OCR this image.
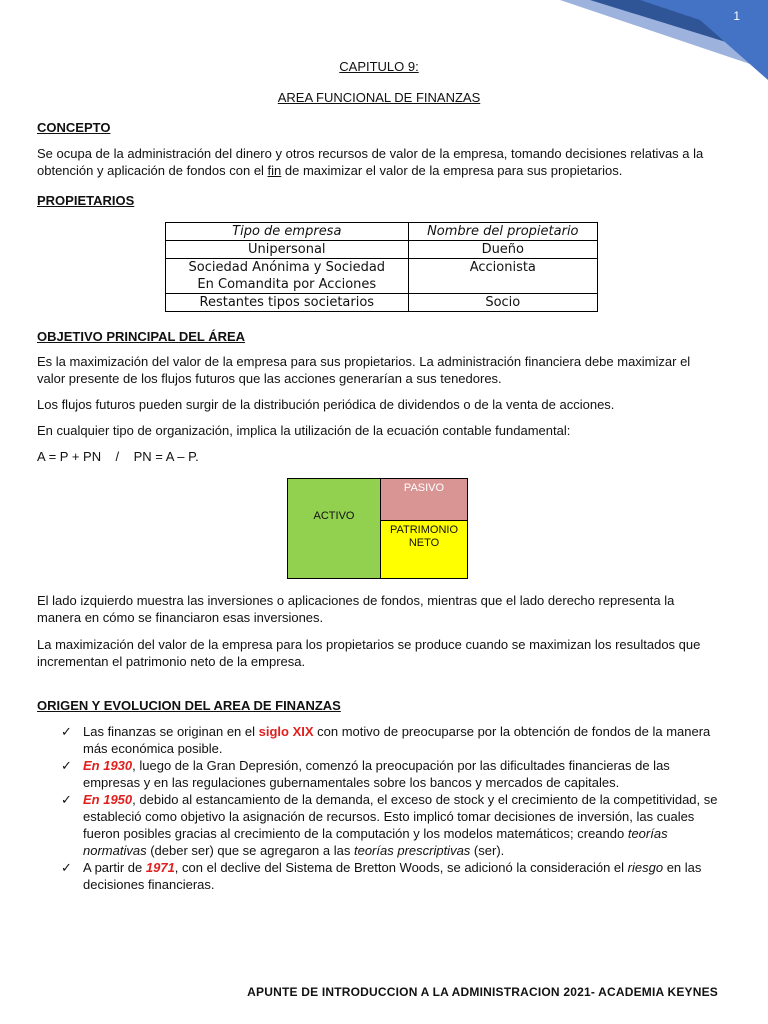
1

CAPITULO 9:

AREA FUNCIONAL DE FINANZAS

CONCEPTO

Se ocupa de la administración del dinero y otros recursos de valor de la empresa, tomando decisiones relativas a la obtención y aplicación de fondos con el fin de maximizar el valor de la empresa para sus propietarios.

PROPIETARIOS

Tipo de empresa	Nombre del propietario
Unipersonal	Dueño

Sociedad Anónima y Sociedad
En Comandita por Acciones	Accionista
Restantes tipos societarios	Socio

OBJETIVO PRINCIPAL DEL ÁREA

Es la maximización del valor de la empresa para sus propietarios. La administración financiera debe maximizar el valor presente de los flujos futuros que las acciones generarían a sus tenedores.

Los flujos futuros pueden surgir de la distribución periódica de dividendos o de la venta de acciones.

En cualquier tipo de organización, implica la utilización de la ecuación contable fundamental:

A = P + PN    /    PN = A – P.

ACTIVO
PASIVO
PATRIMONIO
NETO

El lado izquierdo muestra las inversiones o aplicaciones de fondos, mientras que el lado derecho representa la manera en cómo se financiaron esas inversiones.

La maximización del valor de la empresa para los propietarios se produce cuando se maximizan los resultados que incrementan el patrimonio neto de la empresa.

ORIGEN Y EVOLUCION DEL AREA DE FINANZAS

✓ Las finanzas se originan en el siglo XIX con motivo de preocuparse por la obtención de fondos de la manera más económica posible.
✓ En 1930, luego de la Gran Depresión, comenzó la preocupación por las dificultades financieras de las empresas y en las regulaciones gubernamentales sobre los bancos y mercados de capitales.
✓ En 1950, debido al estancamiento de la demanda, el exceso de stock y el crecimiento de la competitividad, se estableció como objetivo la asignación de recursos. Esto implicó tomar decisiones de inversión, las cuales fueron posibles gracias al crecimiento de la computación y los modelos matemáticos; creando teorías normativas (deber ser) que se agregaron a las teorías prescriptivas (ser).
✓ A partir de 1971, con el declive del Sistema de Bretton Woods, se adicionó la consideración el riesgo en las decisiones financieras.
APUNTE DE INTRODUCCION A LA ADMINISTRACION 2021- ACADEMIA KEYNES
